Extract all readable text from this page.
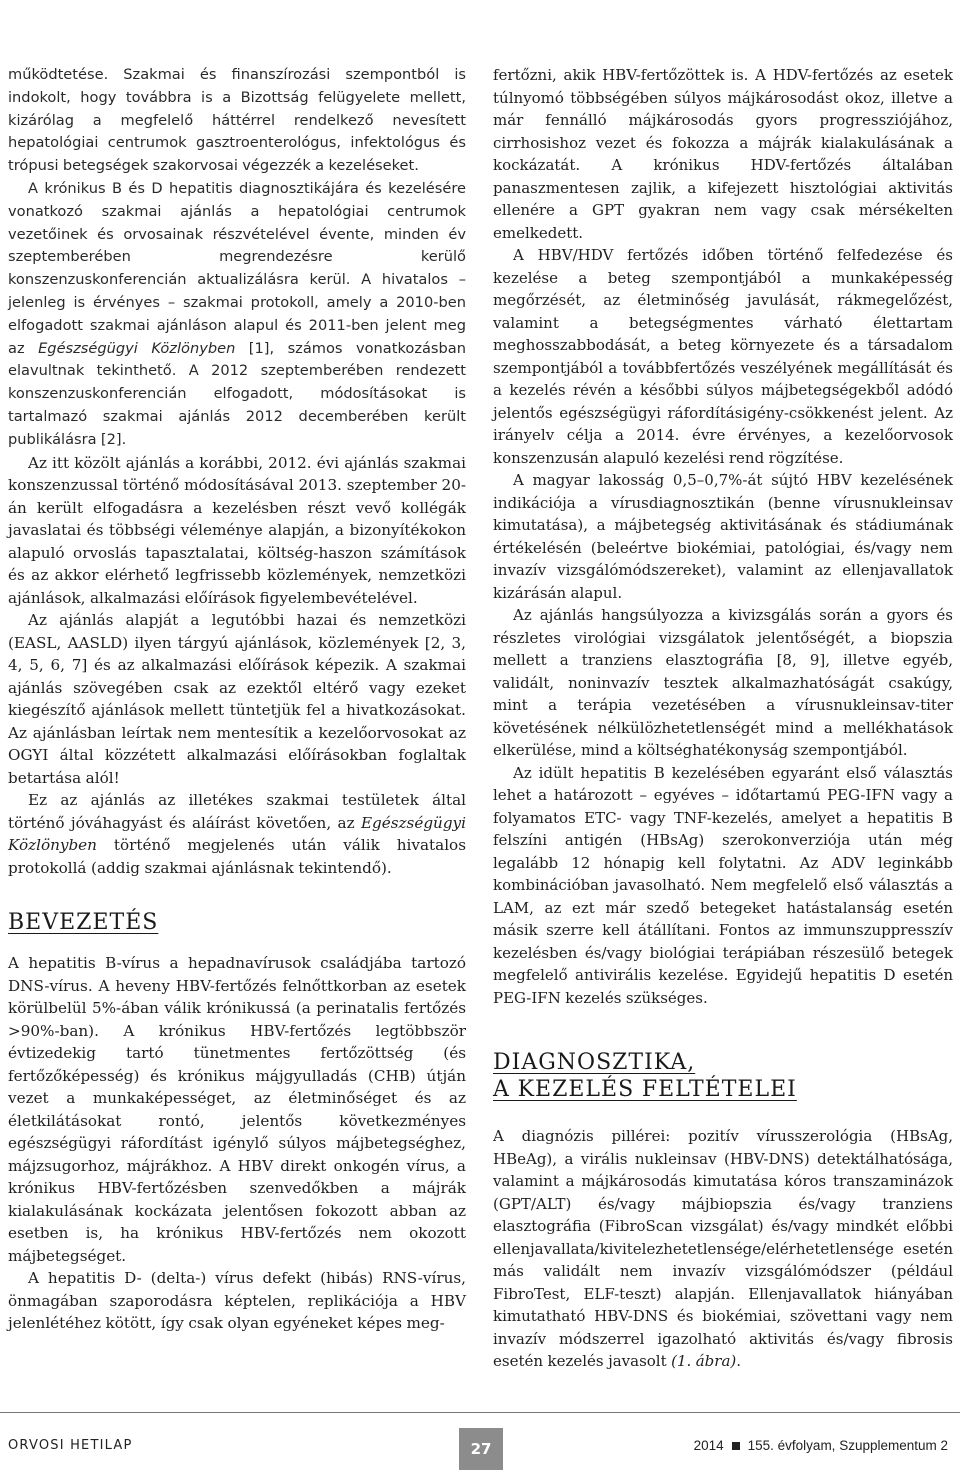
működtetése. Szakmai és finanszírozási szempontból is indokolt, hogy továbbra is a Bizottság felügyelete mellett, kizárólag a megfelelő háttérrel rendelkező nevesített hepatológiai centrumok gasztroenterológus, infektológus és trópusi betegségek szakorvosai végezzék a kezeléseket.

A krónikus B és D hepatitis diagnosztikájára és kezelésére vonatkozó szakmai ajánlás a hepatológiai centrumok vezetőinek és orvosainak részvételével évente, minden év szeptemberében megrendezésre kerülő konszenzuskonferencián aktualizálásra kerül. A hivatalos – jelenleg is érvényes – szakmai protokoll, amely a 2010-ben elfogadott szakmai ajánláson alapul és 2011-ben jelent meg az Egészségügyi Közlönyben [1], számos vonatkozásban elavultnak tekinthető. A 2012 szeptemberében rendezett konszenzuskonferencián elfogadott, módosításokat is tartalmazó szakmai ajánlás 2012 decemberében került publikálásra [2].

Az itt közölt ajánlás a korábbi, 2012. évi ajánlás szakmai konszenzussal történő módosításával 2013. szeptember 20-án került elfogadásra a kezelésben részt vevő kollégák javaslatai és többségi véleménye alapján, a bizonyítékokon alapuló orvoslás tapasztalatai, költség-haszon számítások és az akkor elérhető legfrissebb közlemények, nemzetközi ajánlások, alkalmazási előírások figyelembevételével.

Az ajánlás alapját a legutóbbi hazai és nemzetközi (EASL, AASLD) ilyen tárgyú ajánlások, közlemények [2, 3, 4, 5, 6, 7] és az alkalmazási előírások képezik. A szakmai ajánlás szövegében csak az ezektől eltérő vagy ezeket kiegészítő ajánlások mellett tüntetjük fel a hivatkozásokat. Az ajánlásban leírtak nem mentesítik a kezelőorvosokat az OGYI által közzétett alkalmazási előírásokban foglaltak betartása alól!

Ez az ajánlás az illetékes szakmai testületek által történő jóváhagyást és aláírást követően, az Egészségügyi Közlönyben történő megjelenés után válik hivatalos protokollá (addig szakmai ajánlásnak tekintendő).

BEVEZETÉS

A hepatitis B-vírus a hepadnavírusok családjába tartozó DNS-vírus. A heveny HBV-fertőzés felnőttkorban az esetek körülbelül 5%-ában válik krónikussá (a perinatalis fertőzés >90%-ban). A krónikus HBV-fertőzés legtöbbször évtizedekig tartó tünetmentes fertőzöttség (és fertőzőképesség) és krónikus májgyulladás (CHB) útján vezet a munkaképességet, az életminőséget és az életkilátásokat rontó, jelentős következményes egészségügyi ráfordítást igénylő súlyos májbetegséghez, májzsugorhoz, májrákhoz. A HBV direkt onkogén vírus, a krónikus HBV-fertőzésben szenvedőkben a májrák kialakulásának kockázata jelentősen fokozott abban az esetben is, ha krónikus HBV-fertőzés nem okozott májbetegséget.

A hepatitis D- (delta-) vírus defekt (hibás) RNS-vírus, önmagában szaporodásra képtelen, replikációja a HBV jelenlétéhez kötött, így csak olyan egyéneket képes meg-

fertőzni, akik HBV-fertőzöttek is. A HDV-fertőzés az esetek túlnyomó többségében súlyos májkárosodást okoz, illetve a már fennálló májkárosodás gyors progressziójához, cirrhosishoz vezet és fokozza a májrák kialakulásának a kockázatát. A krónikus HDV-fertőzés általában panaszmentesen zajlik, a kifejezett hisztológiai aktivitás ellenére a GPT gyakran nem vagy csak mérsékelten emelkedett.

A HBV/HDV fertőzés időben történő felfedezése és kezelése a beteg szempontjából a munkaképesség megőrzését, az életminőség javulását, rákmegelőzést, valamint a betegségmentes várható élettartam meghosszabbodását, a beteg környezete és a társadalom szempontjából a továbbfertőzés veszélyének megállítását és a kezelés révén a későbbi súlyos májbetegségekből adódó jelentős egészségügyi ráfordításigény-csökkenést jelent. Az irányelv célja a 2014. évre érvényes, a kezelőorvosok konszenzusán alapuló kezelési rend rögzítése.

A magyar lakosság 0,5–0,7%-át sújtó HBV kezelésének indikációja a vírusdiagnosztikán (benne vírusnukleinsav kimutatása), a májbetegség aktivitásának és stádiumának értékelésén (beleértve biokémiai, patológiai, és/vagy nem invazív vizsgálómódszereket), valamint az ellenjavallatok kizárásán alapul.

Az ajánlás hangsúlyozza a kivizsgálás során a gyors és részletes virológiai vizsgálatok jelentőségét, a biopszia mellett a tranziens elasztográfia [8, 9], illetve egyéb, validált, noninvazív tesztek alkalmazhatóságát csakúgy, mint a terápia vezetésében a vírusnukleinsav-titer követésének nélkülözhetetlenségét mind a mellékhatások elkerülése, mind a költséghatékonyság szempontjából.

Az idült hepatitis B kezelésében egyaránt első választás lehet a határozott – egyéves – időtartamú PEG-IFN vagy a folyamatos ETC- vagy TNF-kezelés, amelyet a hepatitis B felszíni antigén (HBsAg) szerokonverziója után még legalább 12 hónapig kell folytatni. Az ADV leginkább kombinációban javasolható. Nem megfelelő első választás a LAM, az ezt már szedő betegeket hatástalanság esetén másik szerre kell átállítani. Fontos az immunszuppresszív kezelésben és/vagy biológiai terápiában részesülő betegek megfelelő antivirális kezelése. Egyidejű hepatitis D esetén PEG-IFN kezelés szükséges.

DIAGNOSZTIKA,
A KEZELÉS FELTÉTELEI

A diagnózis pillérei: pozitív vírusszerológia (HBsAg, HBeAg), a virális nukleinsav (HBV-DNS) detektálhatósága, valamint a májkárosodás kimutatása kóros transzaminázok (GPT/ALT) és/vagy májbiopszia és/vagy tranziens elasztográfia (FibroScan vizsgálat) és/vagy mindkét előbbi ellenjavallata/kivitelezhetetlensége/elérhetetlensége esetén más validált nem invazív vizsgálómódszer (például FibroTest, ELF-teszt) alapján. Ellenjavallatok hiányában kimutatható HBV-DNS és biokémiai, szövettani vagy nem invazív módszerrel igazolható aktivitás és/vagy fibrosis esetén kezelés javasolt (1. ábra).

ORVOSI HETILAP	27	2014 155. évfolyam, Szupplementum 2
